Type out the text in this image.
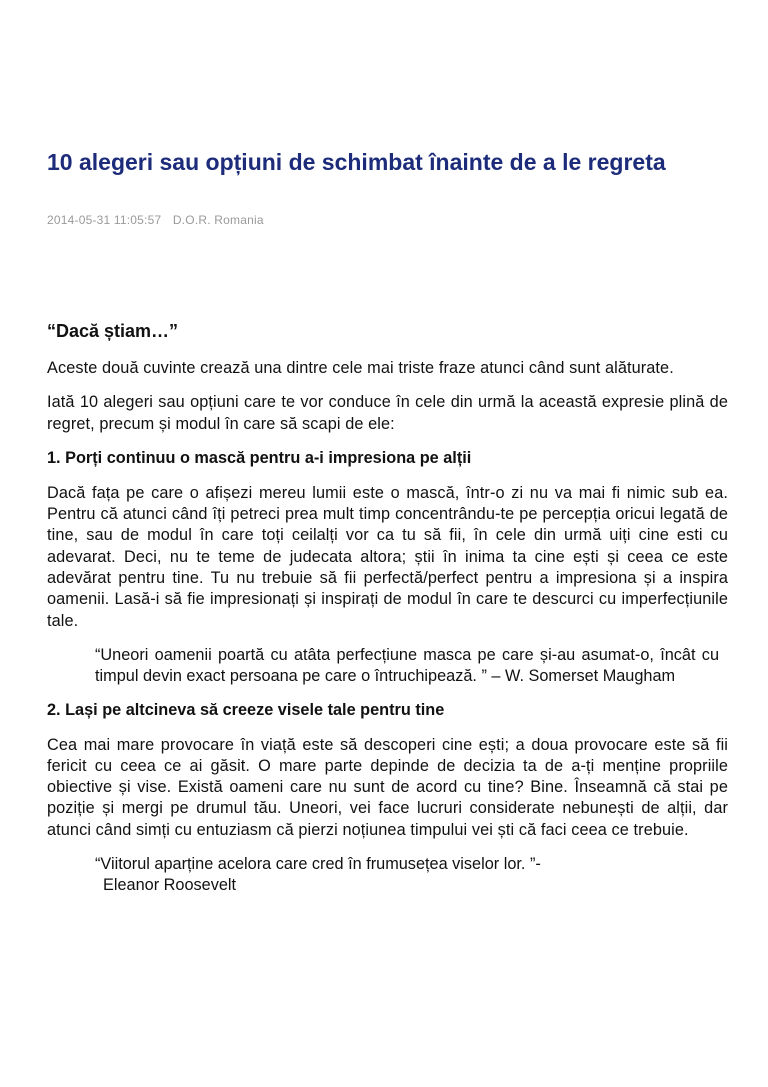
10 alegeri sau opțiuni de schimbat înainte de a le regreta
2014-05-31 11:05:57 D.O.R. Romania

“Dacă știam…”

Aceste două cuvinte crează una dintre cele mai triste fraze atunci când sunt alăturate.

Iată 10 alegeri sau opțiuni care te vor conduce în cele din urmă la această expresie plină de regret, precum și modul în care să scapi de ele:

1. Porți continuu o mască pentru a-i impresiona pe alții

Dacă fața pe care o afișezi mereu lumii este o mască, într-o zi nu va mai fi nimic sub ea. Pentru că atunci când îți petreci prea mult timp concentrându-te pe percepția oricui legată de tine, sau de modul în care toți ceilalți vor ca tu să fii, în cele din urmă uiți cine esti cu adevarat. Deci, nu te teme de judecata altora; știi în inima ta cine ești și ceea ce este adevărat pentru tine. Tu nu trebuie să fii perfectă/perfect pentru a impresiona și a inspira oamenii. Lasă-i să fie impresionați și inspirați de modul în care te descurci cu imperfecțiunile tale.

“Uneori oamenii poartă cu atâta perfecțiune masca pe care și-au asumat-o, încât cu timpul devin exact persoana pe care o întruchipează. ” – W. Somerset Maugham
2. Lași pe altcineva să creeze visele tale pentru tine

Cea mai mare provocare în viață este să descoperi cine ești; a doua provocare este să fii fericit cu ceea ce ai găsit. O mare parte depinde de decizia ta de a-ți menține propriile obiective și vise. Există oameni care nu sunt de acord cu tine? Bine. Înseamnă că stai pe poziție și mergi pe drumul tău. Uneori, vei face lucruri considerate nebunești de alții, dar atunci când simți cu entuziasm că pierzi noțiunea timpului vei ști că faci ceea ce trebuie.

“Viitorul aparține acelora care cred în frumusețea viselor lor. ”-
Eleanor Roosevelt
